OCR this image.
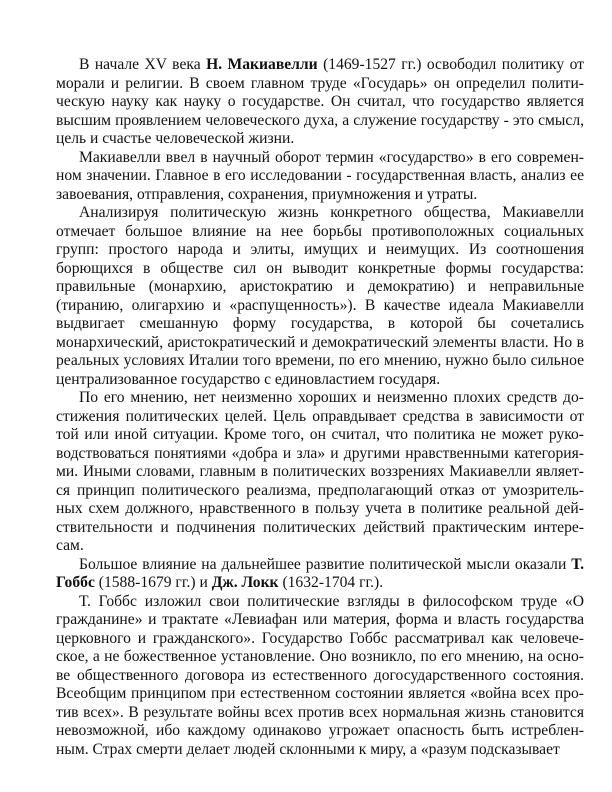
В начале XV века Н. Макиавелли (1469-1527 гг.) освободил политику от морали и религии. В своем главном труде «Государь» он определил политическую науку как науку о государстве. Он считал, что государство является высшим проявлением человеческого духа, а служение государству - это смысл, цель и счастье человеческой жизни.

Макиавелли ввел в научный оборот термин «государство» в его современном значении. Главное в его исследовании - государственная власть, анализ ее завоевания, отправления, сохранения, приумножения и утраты.

Анализируя политическую жизнь конкретного общества, Макиавелли отмечает большое влияние на нее борьбы противоположных социальных групп: простого народа и элиты, имущих и неимущих. Из соотношения борющихся в обществе сил он выводит конкретные формы государства: правильные (монархию, аристократию и демократию) и неправильные (тиранию, олигархию и «распущенность»). В качестве идеала Макиавелли выдвигает смешанную форму государства, в которой бы сочетались монархический, аристократический и демократический элементы власти. Но в реальных условиях Италии того времени, по его мнению, нужно было сильное централизованное государство с единовластием государя.

По его мнению, нет неизменно хороших и неизменно плохих средств достижения политических целей. Цель оправдывает средства в зависимости от той или иной ситуации. Кроме того, он считал, что политика не может руководствоваться понятиями «добра и зла» и другими нравственными категориями. Иными словами, главным в политических воззрениях Макиавелли является принцип политического реализма, предполагающий отказ от умозрительных схем должного, нравственного в пользу учета в политике реальной действительности и подчинения политических действий практическим интересам.

Большое влияние на дальнейшее развитие политической мысли оказали Т. Гоббс (1588-1679 гг.) и Дж. Локк (1632-1704 гг.).

Т. Гоббс изложил свои политические взгляды в философском труде «О гражданине» и трактате «Левиафан или материя, форма и власть государства церковного и гражданского». Государство Гоббс рассматривал как человеческое, а не божественное установление. Оно возникло, по его мнению, на основе общественного договора из естественного догосударственного состояния. Всеобщим принципом при естественном состоянии является «война всех против всех». В результате войны всех против всех нормальная жизнь становится невозможной, ибо каждому одинаково угрожает опасность быть истребленным. Страх смерти делает людей склонными к миру, а «разум подсказывает
